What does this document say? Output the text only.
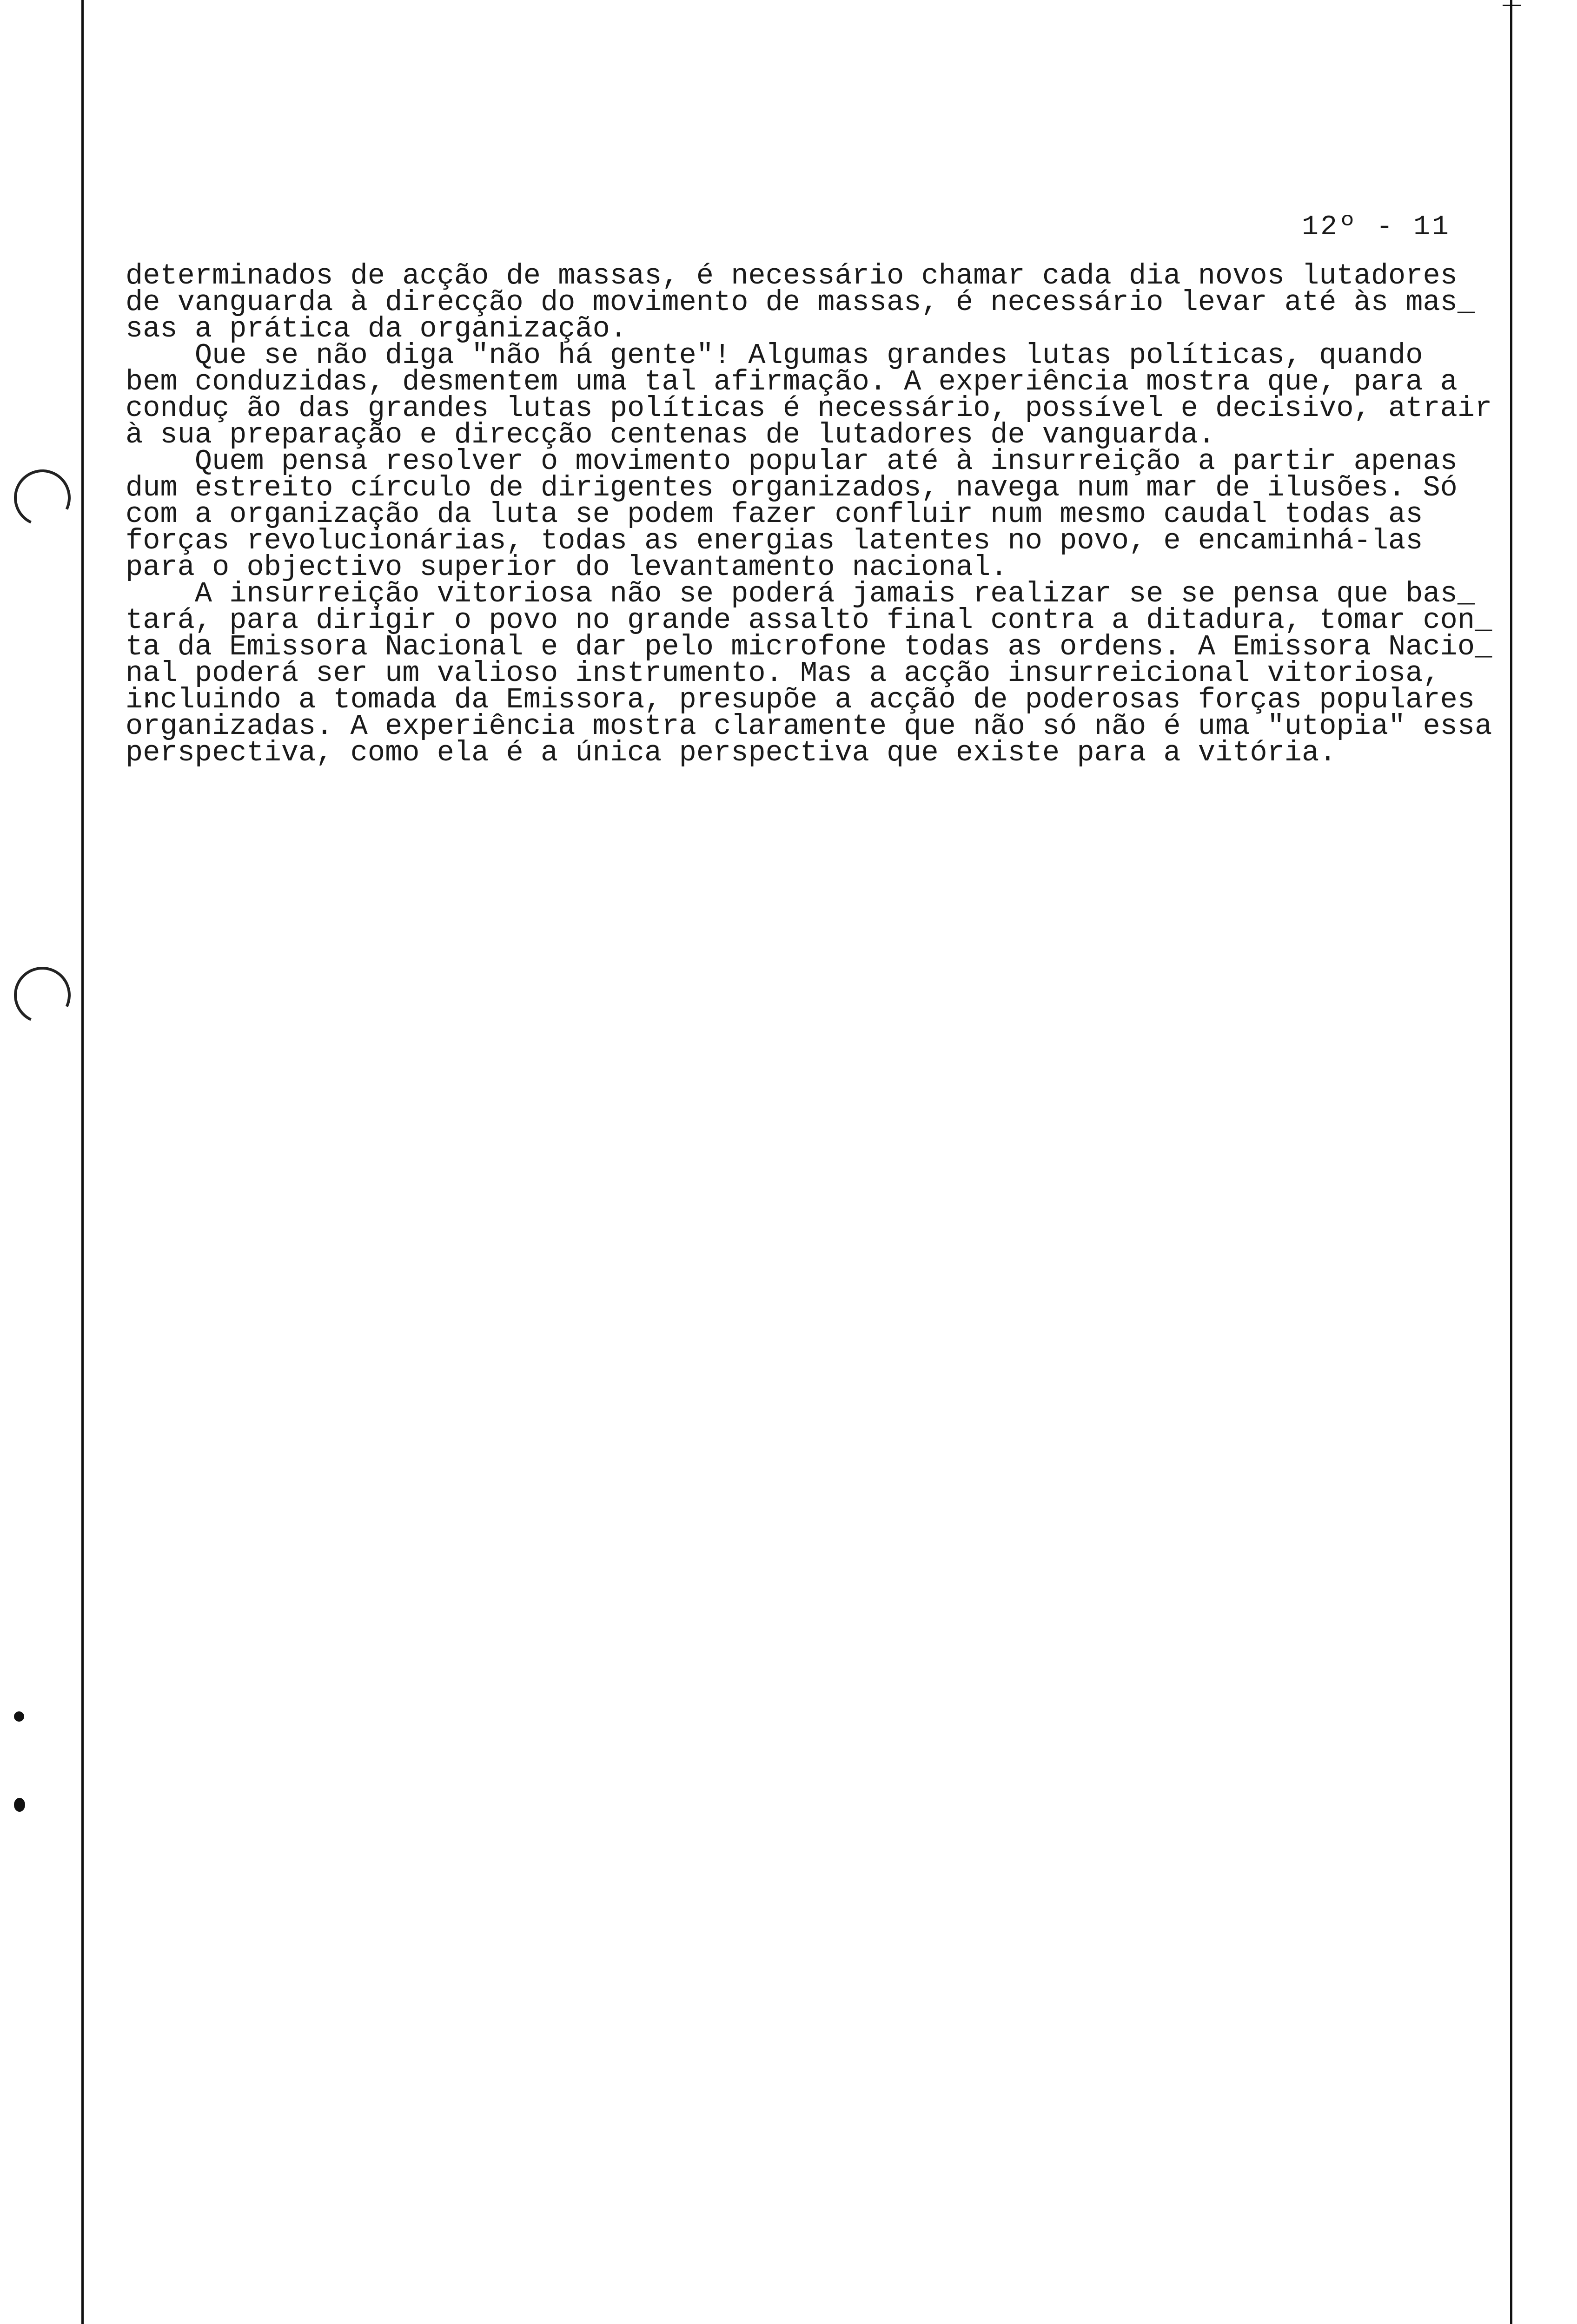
12º - 11
determinados de acção de massas, é necessário chamar cada dia novos lutadores
de vanguarda à direcção do movimento de massas, é necessário levar até às mas_
sas a prática da organização.
Que se não diga "não há gente"! Algumas grandes lutas políticas, quando
bem conduzidas, desmentem uma tal afirmação. A experiência mostra que, para a
conduç ão das grandes lutas políticas é necessário, possível e decisivo, atrair
à sua preparação e direcção centenas de lutadores de vanguarda.
Quem pensa resolver o movimento popular até à insurreição a partir apenas
dum estreito círculo de dirigentes organizados, navega num mar de ilusões. Só
com a organização da luta se podem fazer confluir num mesmo caudal todas as
forças revolucionárias, todas as energias latentes no povo, e encaminhá-las
para o objectivo superior do levantamento nacional.
A insurreição vitoriosa não se poderá jamais realizar se se pensa que bas_
tará, para dirigir o povo no grande assalto final contra a ditadura, tomar con_
ta da Emissora Nacional e dar pelo microfone todas as ordens. A Emissora Nacio_
nal poderá ser um valioso instrumento. Mas a acção insurreicional vitoriosa,
incluindo a tomada da Emissora, presupõe a acção de poderosas forças populares
organizadas. A experiência mostra claramente que não só não é uma "utopia" essa
perspectiva, como ela é a única perspectiva que existe para a vitória.
